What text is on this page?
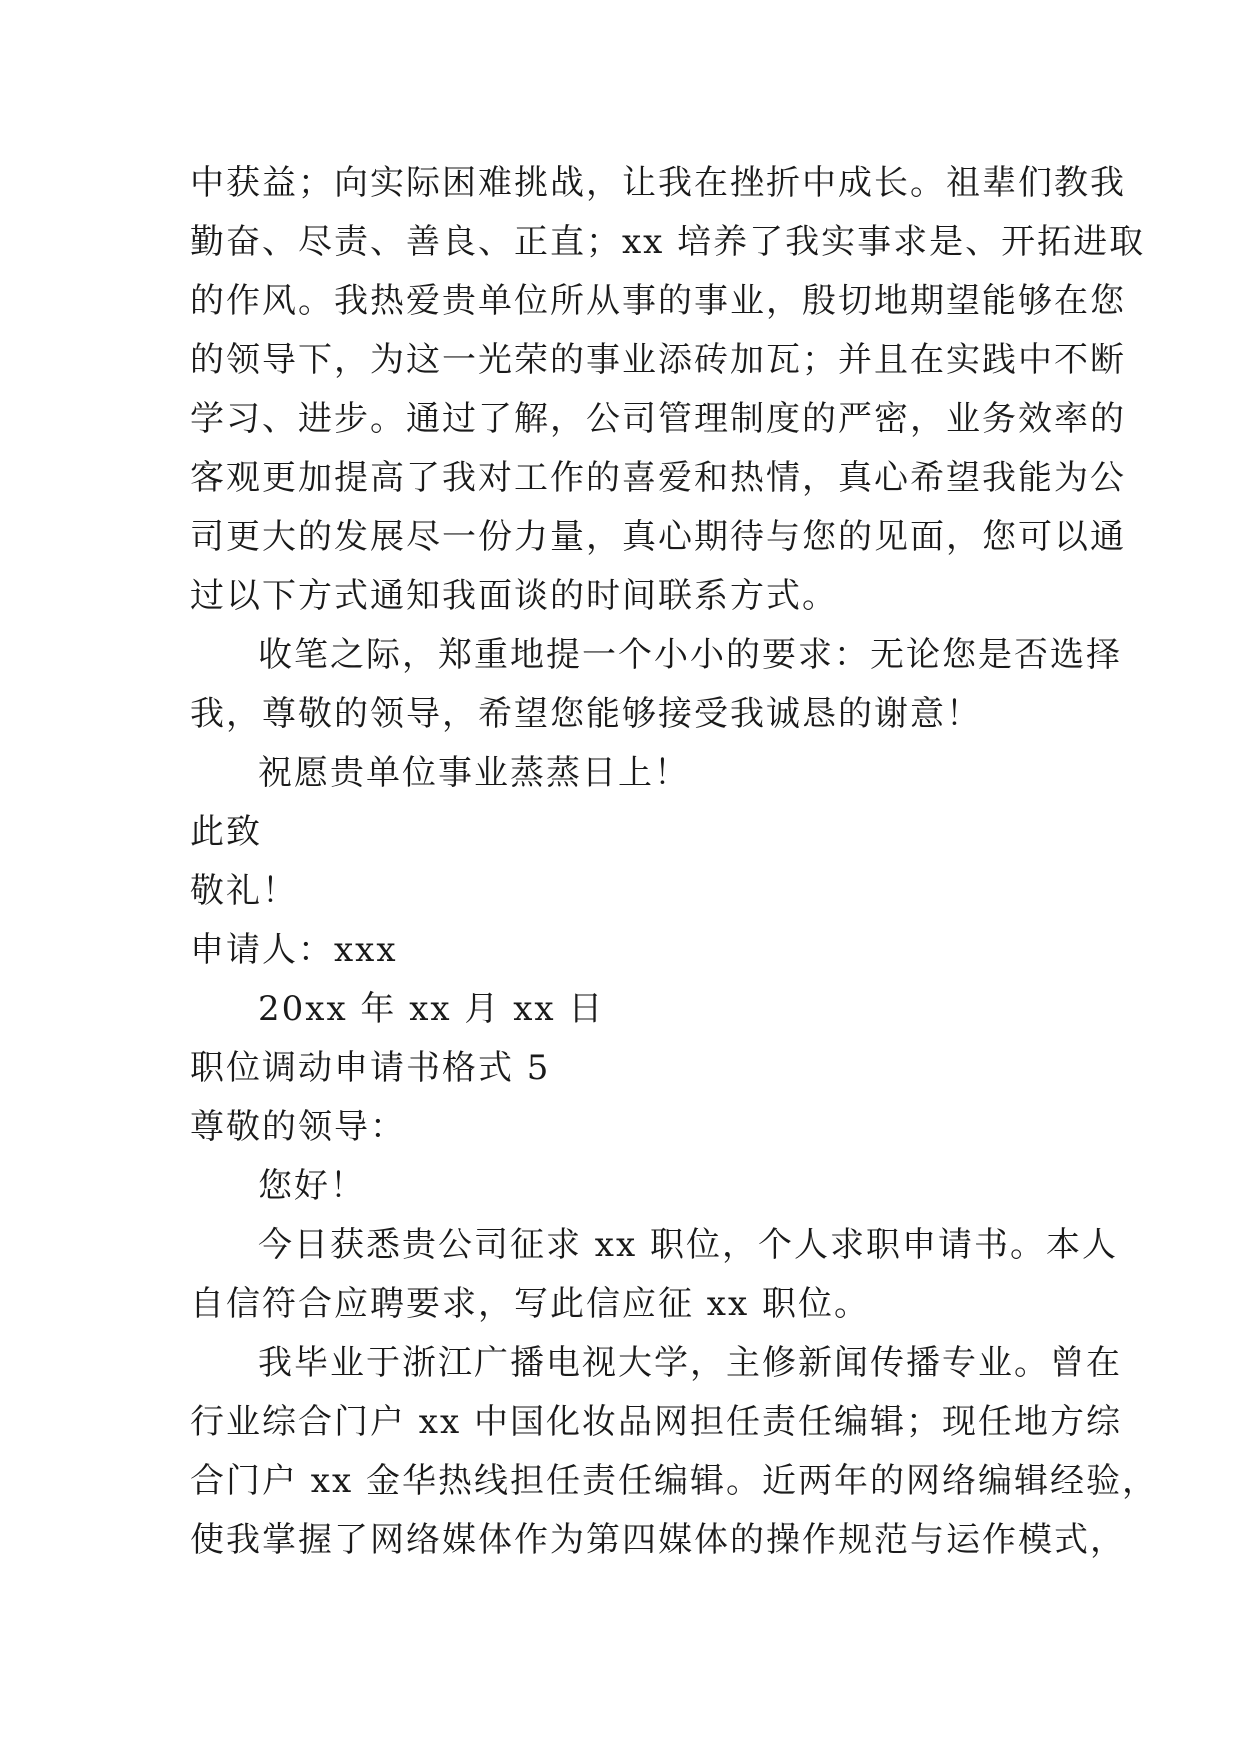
中获益；向实际困难挑战，让我在挫折中成长。祖辈们教我
勤奋、尽责、善良、正直；xx 培养了我实事求是、开拓进取
的作风。我热爱贵单位所从事的事业，殷切地期望能够在您
的领导下，为这一光荣的事业添砖加瓦；并且在实践中不断
学习、进步。通过了解，公司管理制度的严密，业务效率的
客观更加提高了我对工作的喜爱和热情，真心希望我能为公
司更大的发展尽一份力量，真心期待与您的见面，您可以通
过以下方式通知我面谈的时间联系方式。
收笔之际，郑重地提一个小小的要求：无论您是否选择
我，尊敬的领导，希望您能够接受我诚恳的谢意！
祝愿贵单位事业蒸蒸日上！
此致
敬礼！
申请人：xxx
20xx 年 xx 月 xx 日
职位调动申请书格式 5
尊敬的领导：
您好！
今日获悉贵公司征求 xx 职位，个人求职申请书。本人
自信符合应聘要求，写此信应征 xx 职位。
我毕业于浙江广播电视大学，主修新闻传播专业。曾在
行业综合门户 xx 中国化妆品网担任责任编辑；现任地方综
合门户 xx 金华热线担任责任编辑。近两年的网络编辑经验，
使我掌握了网络媒体作为第四媒体的操作规范与运作模式，
